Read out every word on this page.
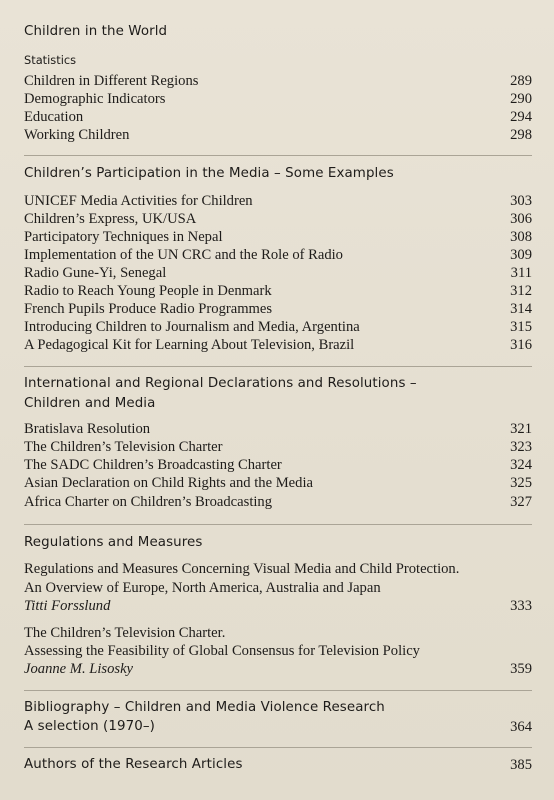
Children in the World
Statistics
Children in Different Regions	289
Demographic Indicators	290
Education	294
Working Children	298
Children’s Participation in the Media – Some Examples
UNICEF Media Activities for Children	303
Children’s Express, UK/USA	306
Participatory Techniques in Nepal	308
Implementation of the UN CRC and the Role of Radio	309
Radio Gune-Yi, Senegal	311
Radio to Reach Young People in Denmark	312
French Pupils Produce Radio Programmes	314
Introducing Children to Journalism and Media, Argentina	315
A Pedagogical Kit for Learning About Television, Brazil	316
International and Regional Declarations and Resolutions –
Children and Media
Bratislava Resolution	321
The Children’s Television Charter	323
The SADC Children’s Broadcasting Charter	324
Asian Declaration on Child Rights and the Media	325
Africa Charter on Children’s Broadcasting	327
Regulations and Measures
Regulations and Measures Concerning Visual Media and Child Protection.
An Overview of Europe, North America, Australia and Japan
Titti Forsslund	333
The Children’s Television Charter.
Assessing the Feasibility of Global Consensus for Television Policy
Joanne M. Lisosky	359
Bibliography – Children and Media Violence Research
A selection (1970–)	364
Authors of the Research Articles	385
